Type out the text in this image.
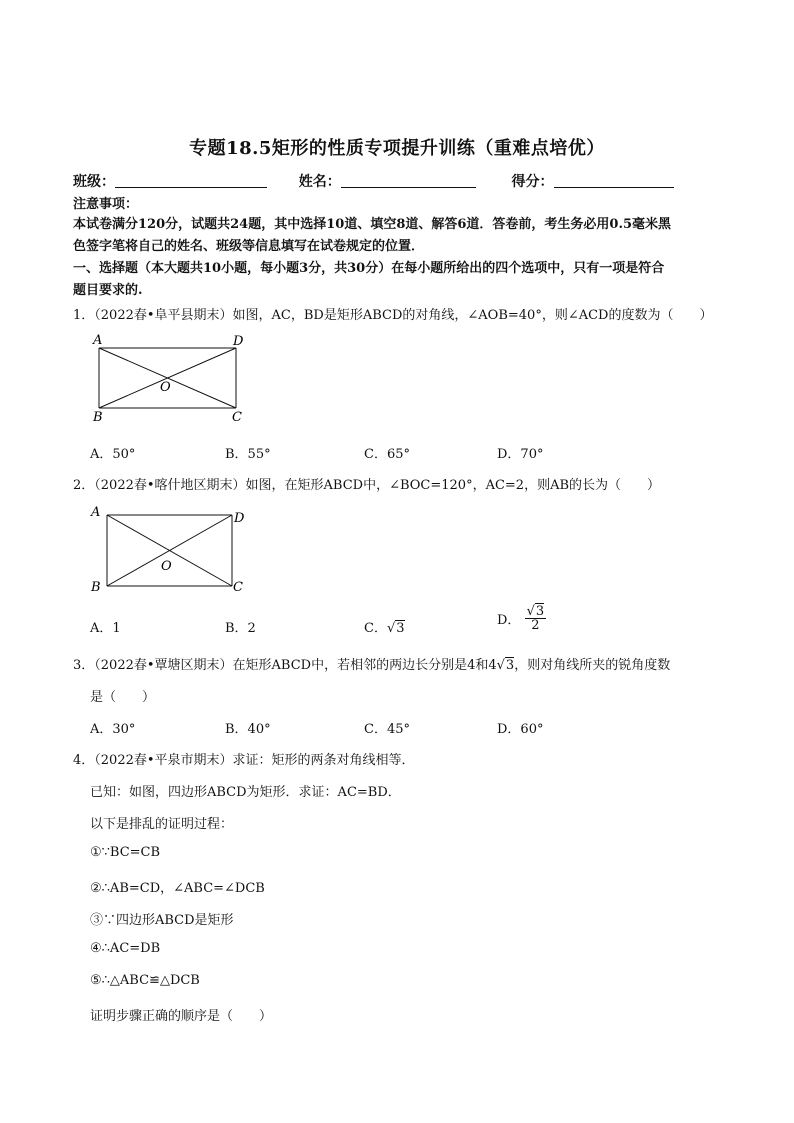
专题18.5矩形的性质专项提升训练（重难点培优）
班级：	姓名：	得分：
注意事项：
本试卷满分120分，试题共24题，其中选择10道、填空8道、解答6道．答卷前，考生务必用0.5毫米黑
色签字笔将自己的姓名、班级等信息填写在试卷规定的位置．
一、选择题（本大题共10小题，每小题3分，共30分）在每小题所给出的四个选项中，只有一项是符合
题目要求的.
1．（2022春•阜平县期末）如图，AC，BD是矩形ABCD的对角线，∠AOB=40°，则∠ACD的度数为（　　）
A	D
O
B	C
A．50°	B．55°	C．65°	D．70°
2．（2022春•喀什地区期末）如图，在矩形ABCD中，∠BOC=120°，AC=2，则AB的长为（　　）
A	D
O
B	C
A．1	B．2	C．√3
D． $\frac{√3}{2}$
3．（2022春•覃塘区期末）在矩形ABCD中，若相邻的两边长分别是4和4√3，则对角线所夹的锐角度数
是（　　）
A．30°	B．40°	C．45°	D．60°
4．（2022春•平泉市期末）求证：矩形的两条对角线相等．
已知：如图，四边形ABCD为矩形．求证：AC=BD．
以下是排乱的证明过程：
①∵BC=CB
②∴AB=CD，∠ABC=∠DCB
③∵四边形ABCD是矩形
④∴AC=DB
⑤∴△ABC≌△DCB
证明步骤正确的顺序是（　　）
